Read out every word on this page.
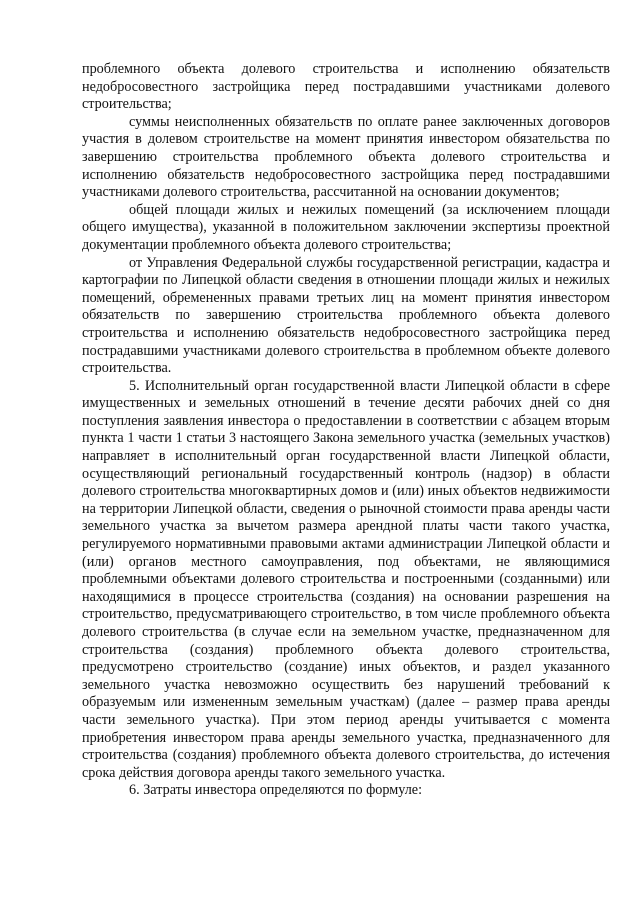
проблемного объекта долевого строительства и исполнению обязательств недобросовестного застройщика перед пострадавшими участниками долевого строительства;

суммы неисполненных обязательств по оплате ранее заключенных договоров участия в долевом строительстве на момент принятия инвестором обязательства по завершению строительства проблемного объекта долевого строительства и исполнению обязательств недобросовестного застройщика перед пострадавшими участниками долевого строительства, рассчитанной на основании документов;

общей площади жилых и нежилых помещений (за исключением площади общего имущества), указанной в положительном заключении экспертизы проектной документации проблемного объекта долевого строительства;

от Управления Федеральной службы государственной регистрации, кадастра и картографии по Липецкой области сведения в отношении площади жилых и нежилых помещений, обремененных правами третьих лиц на момент принятия инвестором обязательств по завершению строительства проблемного объекта долевого строительства и исполнению обязательств недобросовестного застройщика перед пострадавшими участниками долевого строительства в проблемном объекте долевого строительства.

5. Исполнительный орган государственной власти Липецкой области в сфере имущественных и земельных отношений в течение десяти рабочих дней со дня поступления заявления инвестора о предоставлении в соответствии с абзацем вторым пункта 1 части 1 статьи 3 настоящего Закона земельного участка (земельных участков) направляет в исполнительный орган государственной власти Липецкой области, осуществляющий региональный государственный контроль (надзор) в области долевого строительства многоквартирных домов и (или) иных объектов недвижимости на территории Липецкой области, сведения о рыночной стоимости права аренды части земельного участка за вычетом размера арендной платы части такого участка, регулируемого нормативными правовыми актами администрации Липецкой области и (или) органов местного самоуправления, под объектами, не являющимися проблемными объектами долевого строительства и построенными (созданными) или находящимися в процессе строительства (создания) на основании разрешения на строительство, предусматривающего строительство, в том числе проблемного объекта долевого строительства (в случае если на земельном участке, предназначенном для строительства (создания) проблемного объекта долевого строительства, предусмотрено строительство (создание) иных объектов, и раздел указанного земельного участка невозможно осуществить без нарушений требований к образуемым или измененным земельным участкам) (далее – размер права аренды части земельного участка). При этом период аренды учитывается с момента приобретения инвестором права аренды земельного участка, предназначенного для строительства (создания) проблемного объекта долевого строительства, до истечения срока действия договора аренды такого земельного участка.

6. Затраты инвестора определяются по формуле:
